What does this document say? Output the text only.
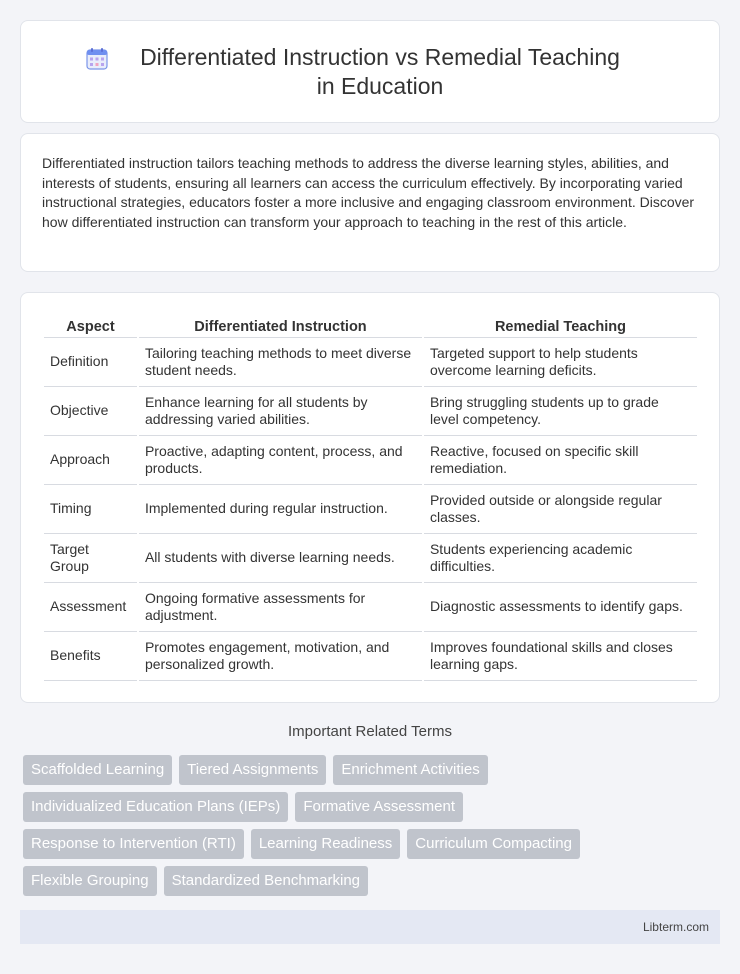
Differentiated Instruction vs Remedial Teaching in Education

Differentiated instruction tailors teaching methods to address the diverse learning styles, abilities, and interests of students, ensuring all learners can access the curriculum effectively. By incorporating varied instructional strategies, educators foster a more inclusive and engaging classroom environment. Discover how differentiated instruction can transform your approach to teaching in the rest of this article.

Aspect	Differentiated Instruction	Remedial Teaching
Definition	Tailoring teaching methods to meet diverse student needs.	Targeted support to help students overcome learning deficits.
Objective	Enhance learning for all students by addressing varied abilities.	Bring struggling students up to grade level competency.
Approach	Proactive, adapting content, process, and products.	Reactive, focused on specific skill remediation.
Timing	Implemented during regular instruction.	Provided outside or alongside regular classes.
Target Group	All students with diverse learning needs.	Students experiencing academic difficulties.
Assessment	Ongoing formative assessments for adjustment.	Diagnostic assessments to identify gaps.
Benefits	Promotes engagement, motivation, and personalized growth.	Improves foundational skills and closes learning gaps.
Important Related Terms
Scaffolded Learning	Tiered Assignments	Enrichment Activities
Individualized Education Plans (IEPs)	Formative Assessment
Response to Intervention (RTI)	Learning Readiness	Curriculum Compacting
Flexible Grouping	Standardized Benchmarking
Libterm.com
